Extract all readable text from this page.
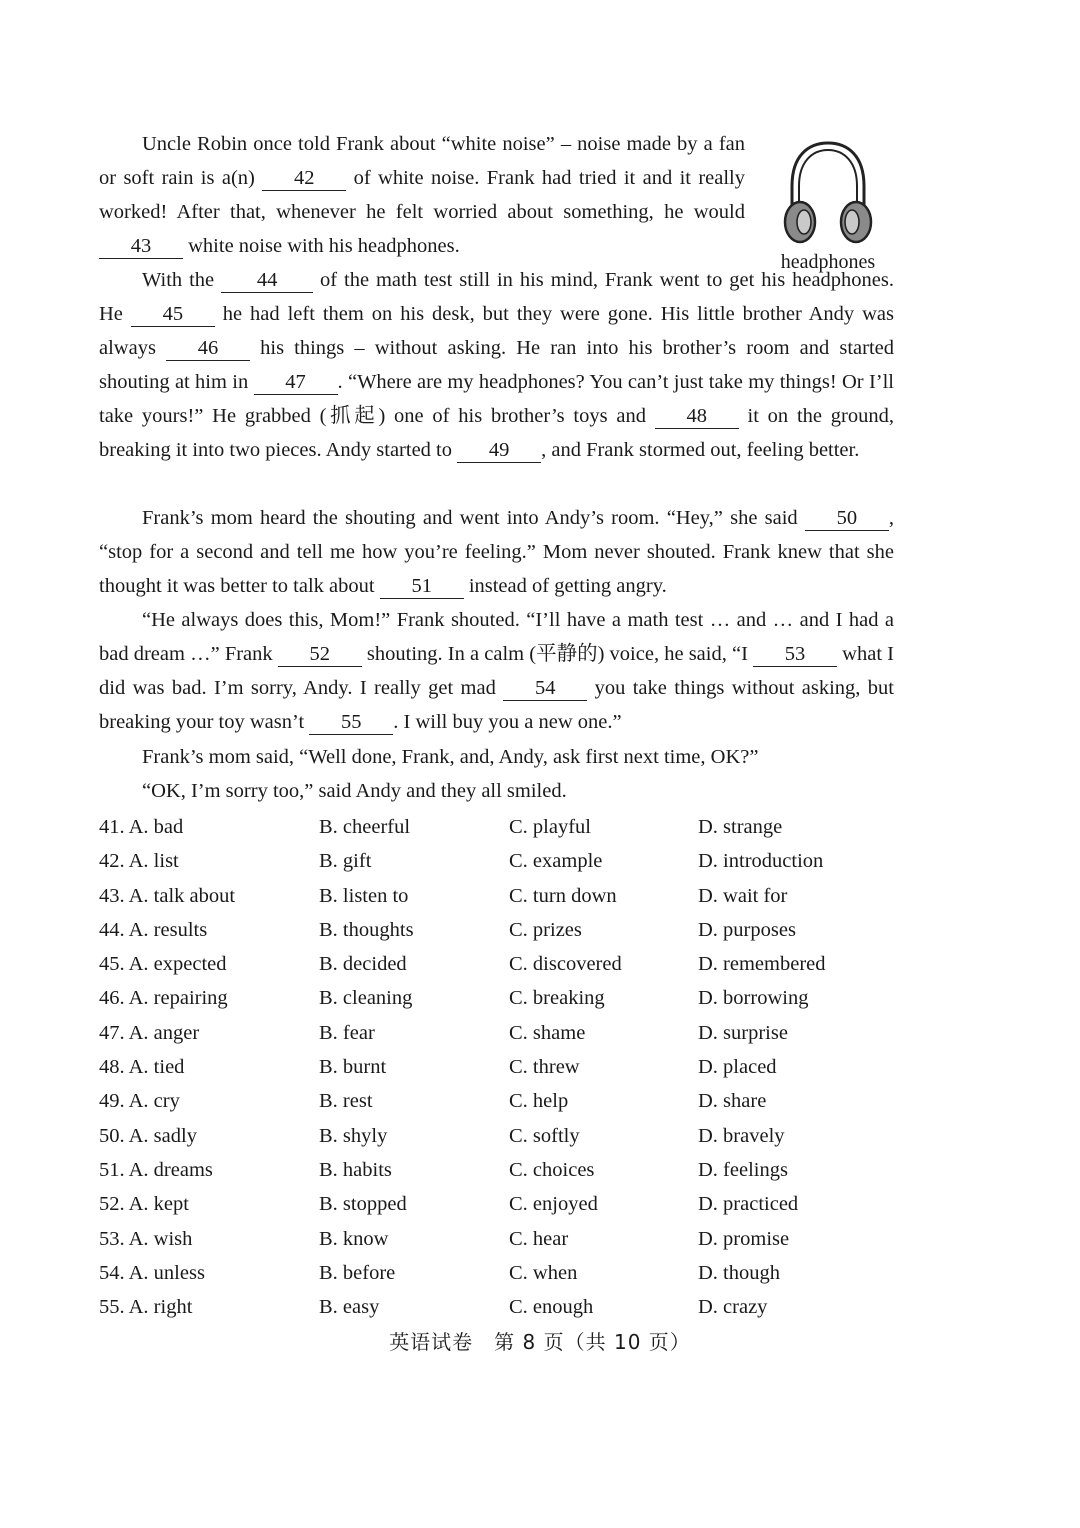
headphones

Uncle Robin once told Frank about “white noise” – noise made by a fan or soft rain is a(n) 42 of white noise. Frank had tried it and it really worked! After that, whenever he felt worried about something, he would 43 white noise with his headphones.

With the 44 of the math test still in his mind, Frank went to get his headphones. He 45 he had left them on his desk, but they were gone. His little brother Andy was always 46 his things – without asking. He ran into his brother’s room and started shouting at him in 47 . “Where are my headphones? You can’t just take my things! Or I’ll take yours!” He grabbed (抓起) one of his brother’s toys and 48 it on the ground, breaking it into two pieces. Andy started to 49 , and Frank stormed out, feeling better.

Frank’s mom heard the shouting and went into Andy’s room. “Hey,” she said 50 , “stop for a second and tell me how you’re feeling.” Mom never shouted. Frank knew that she thought it was better to talk about 51 instead of getting angry.

“He always does this, Mom!” Frank shouted. “I’ll have a math test … and … and I had a bad dream …” Frank 52 shouting. In a calm (平静的) voice, he said, “I 53 what I did was bad. I’m sorry, Andy. I really get mad 54 you take things without asking, but breaking your toy wasn’t 55 . I will buy you a new one.”

Frank’s mom said, “Well done, Frank, and, Andy, ask first next time, OK?”

“OK, I’m sorry too,” said Andy and they all smiled.

41. A. bad	B. cheerful	C. playful	D. strange
42. A. list	B. gift	C. example	D. introduction
43. A. talk about	B. listen to	C. turn down	D. wait for
44. A. results	B. thoughts	C. prizes	D. purposes
45. A. expected	B. decided	C. discovered	D. remembered
46. A. repairing	B. cleaning	C. breaking	D. borrowing
47. A. anger	B. fear	C. shame	D. surprise
48. A. tied	B. burnt	C. threw	D. placed
49. A. cry	B. rest	C. help	D. share
50. A. sadly	B. shyly	C. softly	D. bravely
51. A. dreams	B. habits	C. choices	D. feelings
52. A. kept	B. stopped	C. enjoyed	D. practiced
53. A. wish	B. know	C. hear	D. promise
54. A. unless	B. before	C. when	D. though
55. A. right	B. easy	C. enough	D. crazy
英语试卷　第 8 页（共 10 页）
